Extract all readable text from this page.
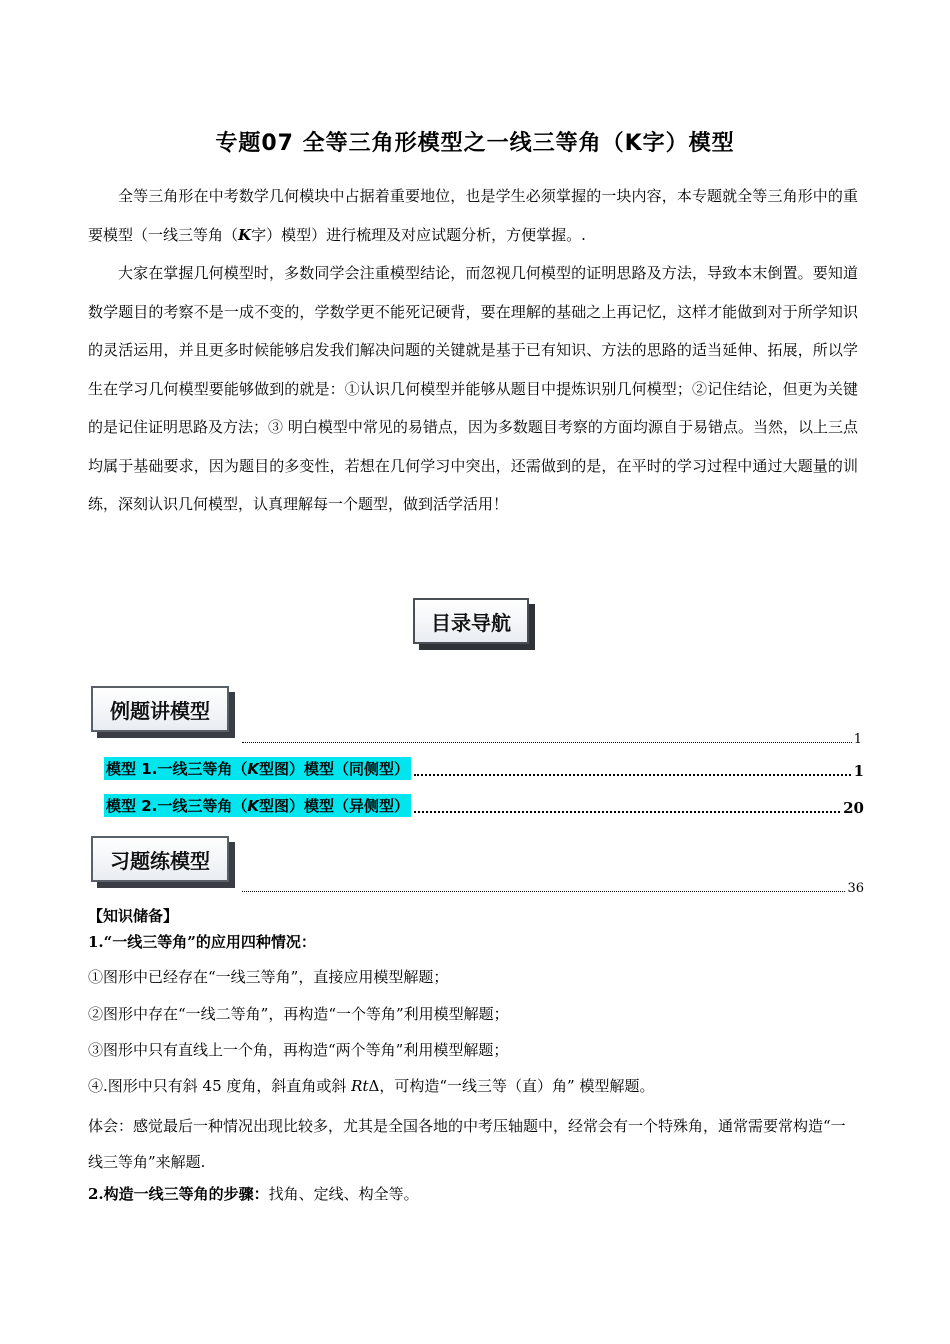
专题07 全等三角形模型之一线三等角（K字）模型
全等三角形在中考数学几何模块中占据着重要地位，也是学生必须掌握的一块内容，本专题就全等三角形中的重要模型（一线三等角（K字）模型）进行梳理及对应试题分析，方便掌握。.
大家在掌握几何模型时，多数同学会注重模型结论，而忽视几何模型的证明思路及方法，导致本末倒置。要知道数学题目的考察不是一成不变的，学数学更不能死记硬背，要在理解的基础之上再记忆，这样才能做到对于所学知识的灵活运用，并且更多时候能够启发我们解决问题的关键就是基于已有知识、方法的思路的适当延伸、拓展，所以学生在学习几何模型要能够做到的就是：①认识几何模型并能够从题目中提炼识别几何模型；②记住结论，但更为关键的是记住证明思路及方法；③ 明白模型中常见的易错点，因为多数题目考察的方面均源自于易错点。当然，以上三点均属于基础要求，因为题目的多变性，若想在几何学习中突出，还需做到的是，在平时的学习过程中通过大题量的训练，深刻认识几何模型，认真理解每一个题型，做到活学活用！
目录导航
例题讲模型
1
模型 1.一线三等角（K型图）模型（同侧型）	1
模型 2.一线三等角（K型图）模型（异侧型）	20
习题练模型
36
【知识储备】
1.“一线三等角”的应用四种情况：
①图形中已经存在“一线三等角”，直接应用模型解题；
②图形中存在“一线二等角”，再构造“一个等角”利用模型解题；
③图形中只有直线上一个角，再构造“两个等角”利用模型解题；
④.图形中只有斜 45 度角，斜直角或斜 RtΔ，可构造“一线三等（直）角” 模型解题。
体会：感觉最后一种情况出现比较多，尤其是全国各地的中考压轴题中，经常会有一个特殊角，通常需要常构造“一线三等角”来解题.
2.构造一线三等角的步骤：找角、定线、构全等。
